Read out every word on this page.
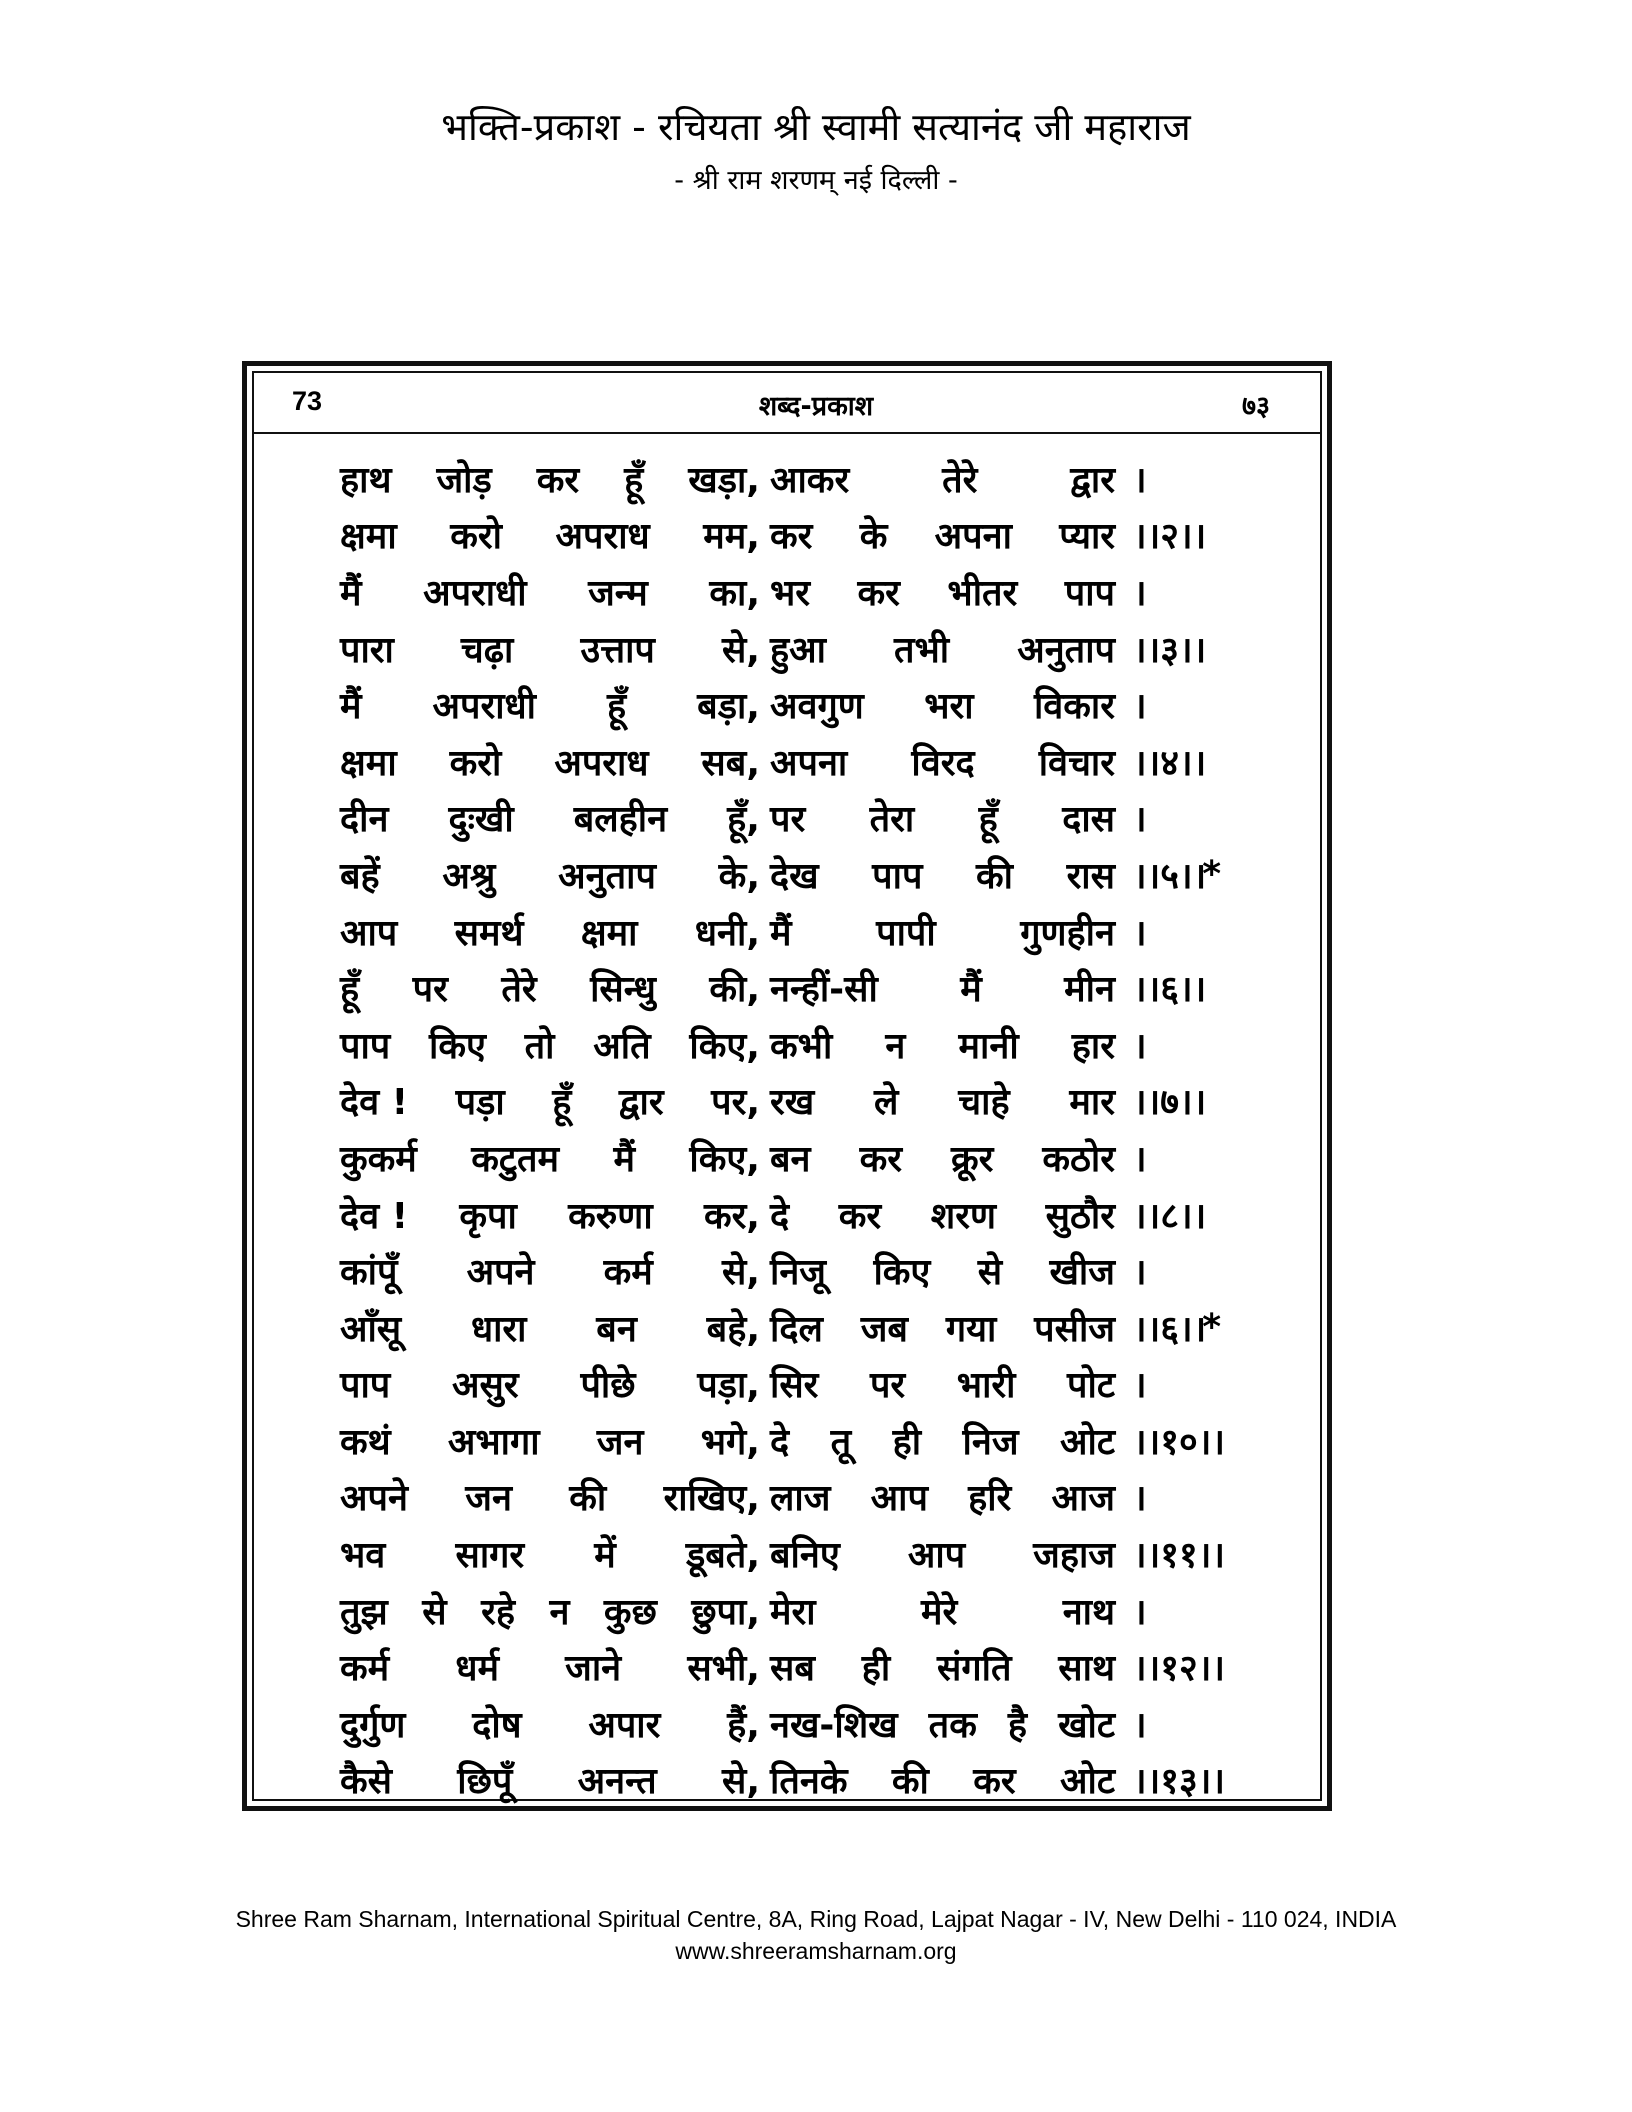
भक्ति-प्रकाश - रचियता श्री स्वामी सत्यानंद जी महाराज
- श्री राम शरणम् नई दिल्ली -
73	शब्द-प्रकाश	७३
हाथ जोड़ कर हूँ खड़ा, आकर	तेरे	द्वार ।
क्षमा करो अपराध मम, कर के अपना प्यार ।।२।।
मैं अपराधी जन्म का, भर कर भीतर पाप ।
पारा चढ़ा उत्ताप से, हुआ तभी अनुताप ।।३।।
मैं अपराधी हूँ बड़ा, अवगुण भरा विकार ।
क्षमा करो अपराध सब, अपना विरद विचार ।।४।।
दीन दुःखी बलहीन हूँ, पर तेरा हूँ दास ।
बहें अश्रु अनुताप के, देख पाप की रास ।।५।।
*
आप समर्थ क्षमा धनी, मैं पापी गुणहीन ।
हूँ पर तेरे सिन्धु की, नन्हीं-सी मैं मीन ।।६।।
पाप किए तो अति किए, कभी न मानी हार ।
देव ! पड़ा हूँ द्वार पर, रख ले चाहे मार ।।७।।
कुकर्म कटुतम मैं किए, बन कर क्रूर कठोर ।
देव ! कृपा करुणा कर, दे कर शरण सुठौर ।।८।।
कांपूँ अपने कर्म से, निजू किए से खीज ।
आँसू धारा बन बहे, दिल जब गया पसीज ।।६।।
*
पाप असुर पीछे पड़ा, सिर पर भारी पोट ।
कथं अभागा जन भगे, दे तू ही निज ओट ।।१०।।
अपने जन की राखिए, लाज आप हरि आज ।
भव सागर में डूबते, बनिए आप जहाज ।।११।।
तुझ से रहे न कुछ छुपा, मेरा	मेरे	नाथ ।
कर्म धर्म जाने सभी, सब ही संगति साथ ।।१२।।
दुर्गुण दोष अपार हैं, नख-शिख तक है खोट ।
कैसे छिपूँ अनन्त से, तिनके की कर ओट ।।१३।।
Shree Ram Sharnam, International Spiritual Centre, 8A, Ring Road, Lajpat Nagar - IV, New Delhi - 110 024, INDIA
www.shreeramsharnam.org
